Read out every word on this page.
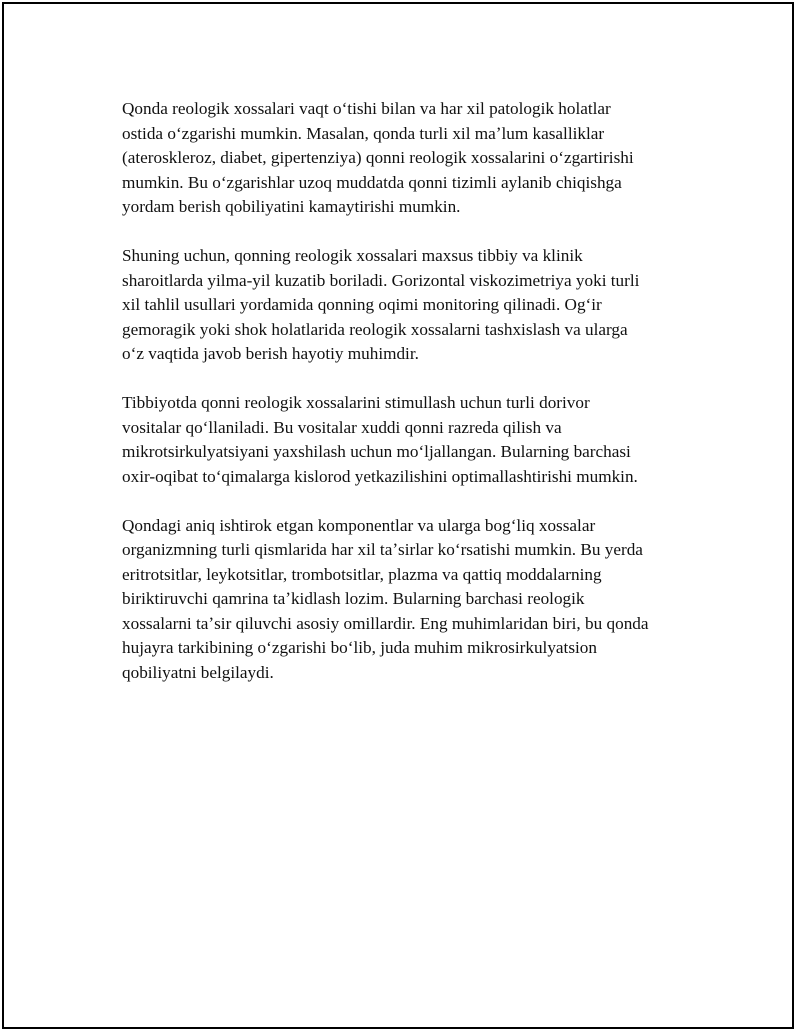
Qonda reologik xossalari vaqt oʻtishi bilan va har xil patologik holatlar
ostida oʻzgarishi mumkin. Masalan, qonda turli xil maʼlum kasalliklar
(ateroskleroz, diabet, gipertenziya) qonni reologik xossalarini oʻzgartirishi
mumkin. Bu oʻzgarishlar uzoq muddatda qonni tizimli aylanib chiqishga
yordam berish qobiliyatini kamaytirishi mumkin.

Shuning uchun, qonning reologik xossalari maxsus tibbiy va klinik
sharoitlarda yilma-yil kuzatib boriladi. Gorizontal viskozimetriya yoki turli
xil tahlil usullari yordamida qonning oqimi monitoring qilinadi. Ogʻir
gemoragik yoki shok holatlarida reologik xossalarni tashxislash va ularga
oʻz vaqtida javob berish hayotiy muhimdir.

Tibbiyotda qonni reologik xossalarini stimullash uchun turli dorivor
vositalar qoʻllaniladi. Bu vositalar xuddi qonni razreda qilish va
mikrotsirkulyatsiyani yaxshilash uchun moʻljallangan. Bularning barchasi
oxir-oqibat toʻqimalarga kislorod yetkazilishini optimallashtirishi mumkin.

Qondagi aniq ishtirok etgan komponentlar va ularga bogʻliq xossalar
organizmning turli qismlarida har xil taʼsirlar koʻrsatishi mumkin. Bu yerda
eritrotsitlar, leykotsitlar, trombotsitlar, plazma va qattiq moddalarning
biriktiruvchi qamrina taʼkidlash lozim. Bularning barchasi reologik
xossalarni taʼsir qiluvchi asosiy omillardir. Eng muhimlaridan biri, bu qonda
hujayra tarkibining oʻzgarishi boʻlib, juda muhim mikrosirkulyatsion
qobiliyatni belgilaydi.
